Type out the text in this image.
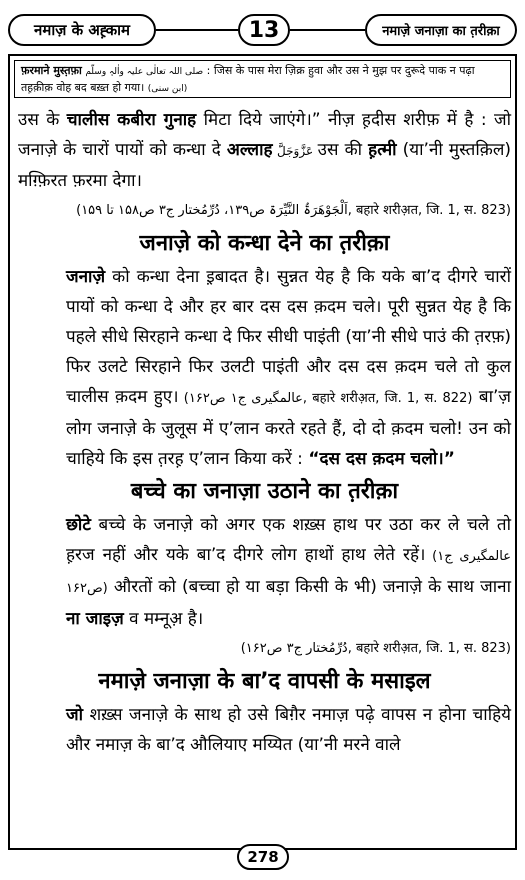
नमाज़ के अह़्काम	13	नमाज़े जनाज़ा का त़रीक़ा
फ़रमाने मुस्त़फ़ा صلی اللہ تعالٰی علیہ واٰلہٖ وسلّم : जिस के पास मेरा ज़िक्र हुवा और उस ने मुझ पर दुरूदे पाक न पढ़ा तह़क़ीक़ वोह बद बख़्त हो गया। (ابن سنی)

उस के चालीस कबीरा गुनाह मिटा दिये जाएंगे।” नीज़ ह़दीस शरीफ़ में है : जो जनाज़े के चारों पायों को कन्धा दे अल्लाह عَزَّوَجَلَّ उस की ह़त्मी (या’नी मुस्तक़िल) मग़्फ़िरत फ़रमा देगा।

(اَلْجَوْھَرَۃُ النَّیِّرَۃ ص۱۳۹، دُرِّمُختار ج۳ ص۱۵۸ تا ۱۵۹, बहारे शरीअ़त, जि. 1, स. 823)

जनाज़े को कन्धा देने का त़रीक़ा

जनाज़े को कन्धा देना इ़बादत है। सुन्नत येह है कि यके बा’द दीगरे चारों पायों को कन्धा दे और हर बार दस दस क़दम चले। पूरी सुन्नत येह है कि पहले सीधे सिरहाने कन्धा दे फिर सीधी पाइंती (या’नी सीधे पाउं की त़रफ़) फिर उलटे सिरहाने फिर उलटी पाइंती और दस दस क़दम चले तो कुल चालीस क़दम हुए। (عالمگیری ج۱ ص۱۶۲, बहारे शरीअ़त, जि. 1, स. 822) बा’ज़ लोग जनाज़े के जुलूस में ए’लान करते रहते हैं, दो दो क़दम चलो! उन को चाहिये कि इस त़रह़ ए’लान किया करें : “दस दस क़दम चलो।”

बच्चे का जनाज़ा उठाने का त़रीक़ा

छोटे बच्चे के जनाज़े को अगर एक शख़्स हाथ पर उठा कर ले चले तो ह़रज नहीं और यके बा’द दीगरे लोग हाथों हाथ लेते रहें। (عالمگیری ج۱ ص۱۶۲) औरतों को (बच्चा हो या बड़ा किसी के भी) जनाज़े के साथ जाना ना जाइज़ व मम्नूअ़ है।

(دُرِّمُختار ج۳ ص۱۶۲, बहारे शरीअ़त, जि. 1, स. 823)

नमाज़े जनाज़ा के बा’द वापसी के मसाइल

जो शख़्स जनाज़े के साथ हो उसे बिग़ैर नमाज़ पढ़े वापस न होना चाहिये और नमाज़ के बा’द औलियाए मय्यित (या’नी मरने वाले

278
